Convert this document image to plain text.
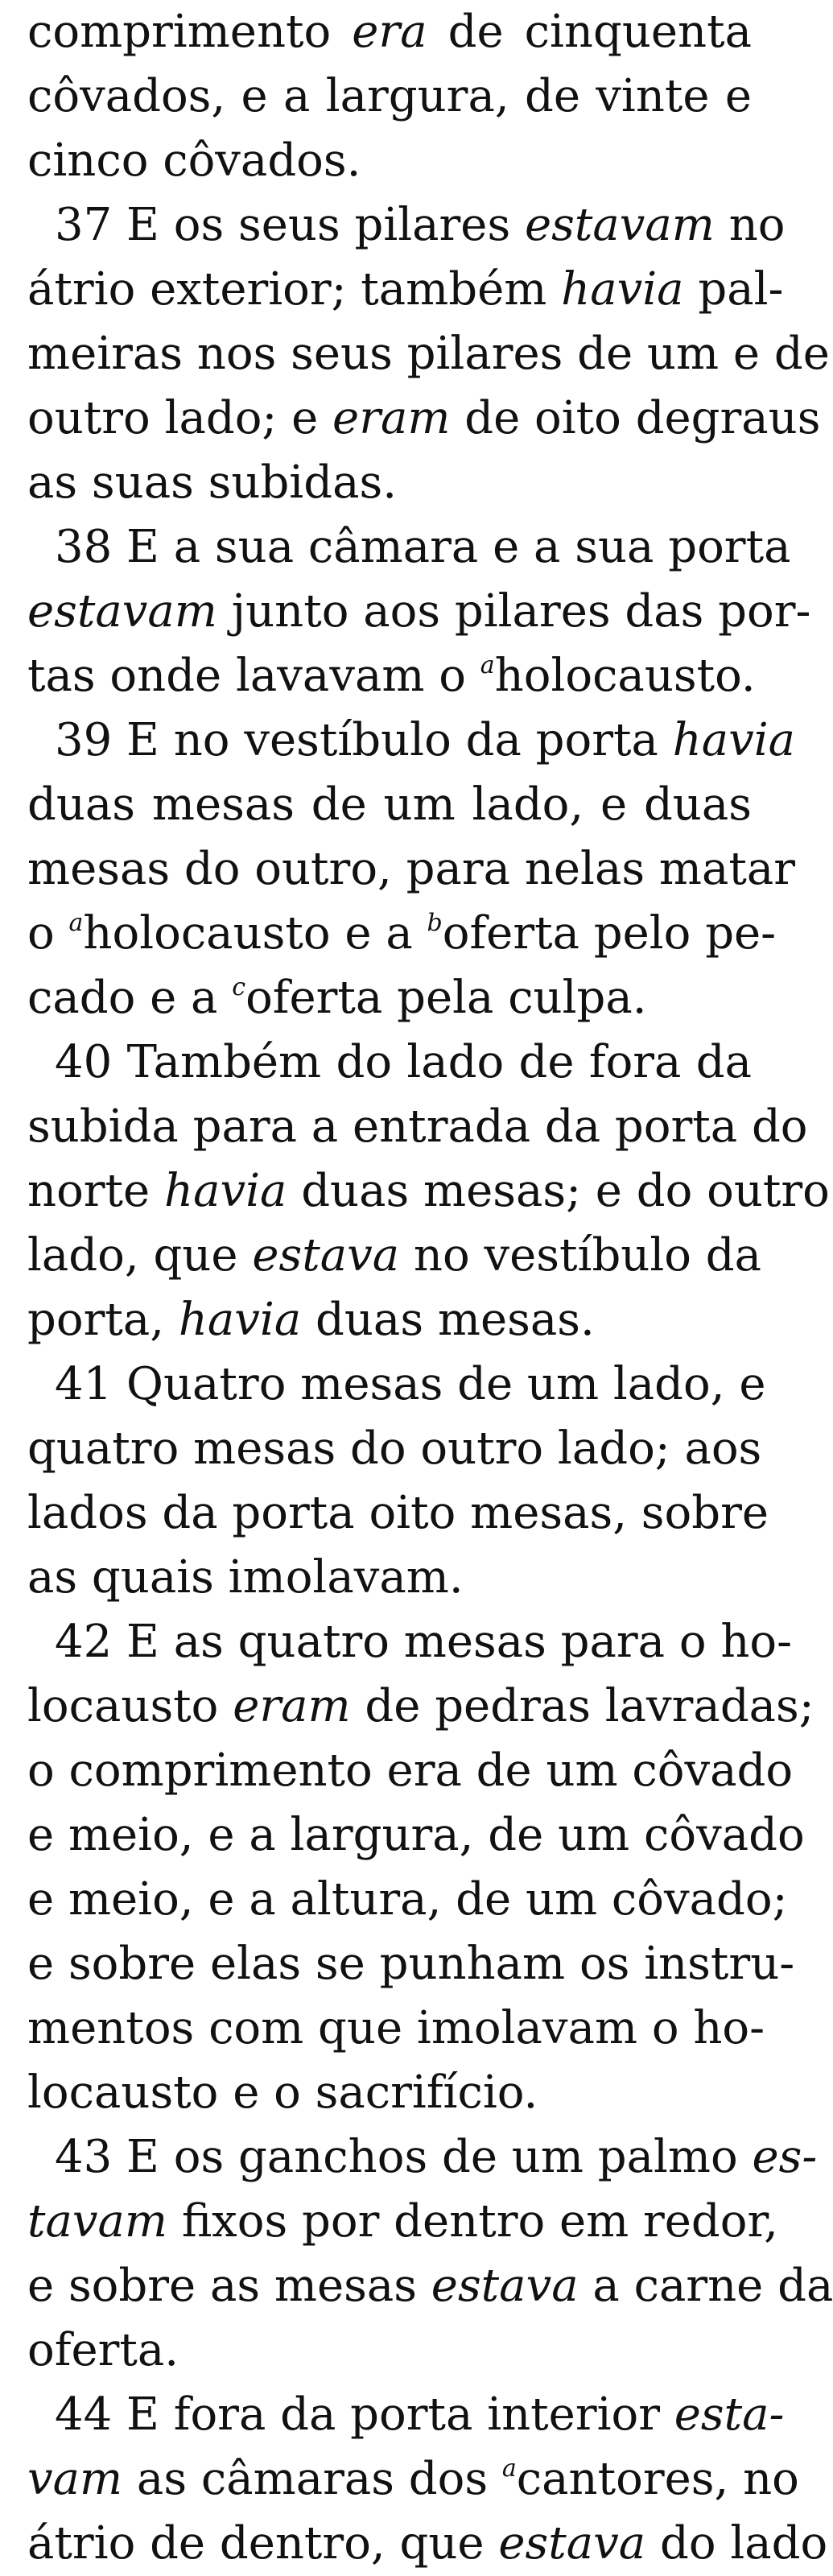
comprimento era de cinquenta
côvados, e a largura, de vinte e
cinco côvados.
37 E os seus pilares estavam no
átrio exterior; também havia pal-
meiras nos seus pilares de um e de
outro lado; e eram de oito degraus
as suas subidas.
38 E a sua câmara e a sua porta
estavam junto aos pilares das por-
tas onde lavavam o $^a$holocausto.
39 E no vestíbulo da porta havia
duas mesas de um lado, e duas
mesas do outro, para nelas matar
o $^a$holocausto e a $^b$oferta pelo pe-
cado e a $^c$oferta pela culpa.
40 Também do lado de fora da
subida para a entrada da porta do
norte havia duas mesas; e do outro
lado, que estava no vestíbulo da
porta, havia duas mesas.
41 Quatro mesas de um lado, e
quatro mesas do outro lado; aos
lados da porta oito mesas, sobre
as quais imolavam.
42 E as quatro mesas para o ho-
locausto eram de pedras lavradas;
o comprimento era de um côvado
e meio, e a largura, de um côvado
e meio, e a altura, de um côvado;
e sobre elas se punham os instru-
mentos com que imolavam o ho-
locausto e o sacrifício.
43 E os ganchos de um palmo es-
tavam fixos por dentro em redor,
e sobre as mesas estava a carne da
oferta.
44 E fora da porta interior esta-
vam as câmaras dos $^a$cantores, no
átrio de dentro, que estava do lado
